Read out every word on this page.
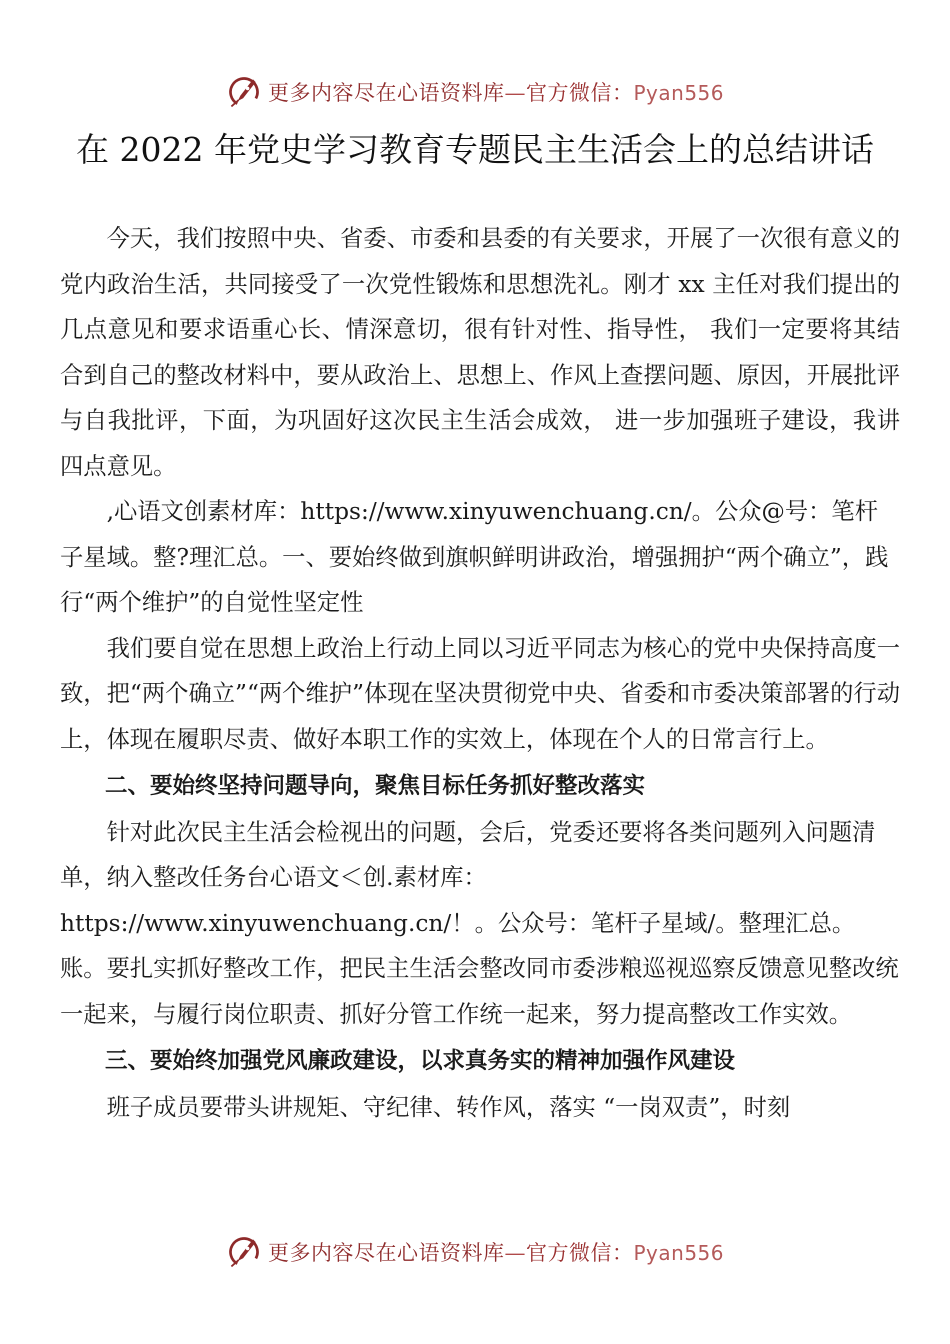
更多内容尽在心语资料库—官方微信：Pyan556
在 2022 年党史学习教育专题民主生活会上的总结讲话

今天，我们按照中央、省委、市委和县委的有关要求，开展了一次很有意义的党内政治生活，共同接受了一次党性锻炼和思想洗礼。刚才 xx 主任对我们提出的几点意见和要求语重心长、情深意切，很有针对性、指导性， 我们一定要将其结合到自己的整改材料中，要从政治上、思想上、作风上查摆问题、原因，开展批评与自我批评，下面，为巩固好这次民主生活会成效， 进一步加强班子建设，我讲四点意见。

,心语文创素材库：https://www.xinyuwenchuang.cn/。公众@号：笔杆子星域。整?理汇总。一、要始终做到旗帜鲜明讲政治，增强拥护“两个确立”，践行“两个维护”的自觉性坚定性

我们要自觉在思想上政治上行动上同以习近平同志为核心的党中央保持高度一致，把“两个确立”“两个维护”体现在坚决贯彻党中央、省委和市委决策部署的行动上，体现在履职尽责、做好本职工作的实效上，体现在个人的日常言行上。

二、要始终坚持问题导向，聚焦目标任务抓好整改落实

针对此次民主生活会检视出的问题，会后，党委还要将各类问题列入问题清单，纳入整改任务台心语文＜创.素材库：https://www.xinyuwenchuang.cn/！。公众号：笔杆子星域/。整理汇总。账。要扎实抓好整改工作，把民主生活会整改同市委涉粮巡视巡察反馈意见整改统一起来，与履行岗位职责、抓好分管工作统一起来，努力提高整改工作实效。

三、要始终加强党风廉政建设，以求真务实的精神加强作风建设

班子成员要带头讲规矩、守纪律、转作风，落实 “一岗双责”，时刻

更多内容尽在心语资料库—官方微信：Pyan556
